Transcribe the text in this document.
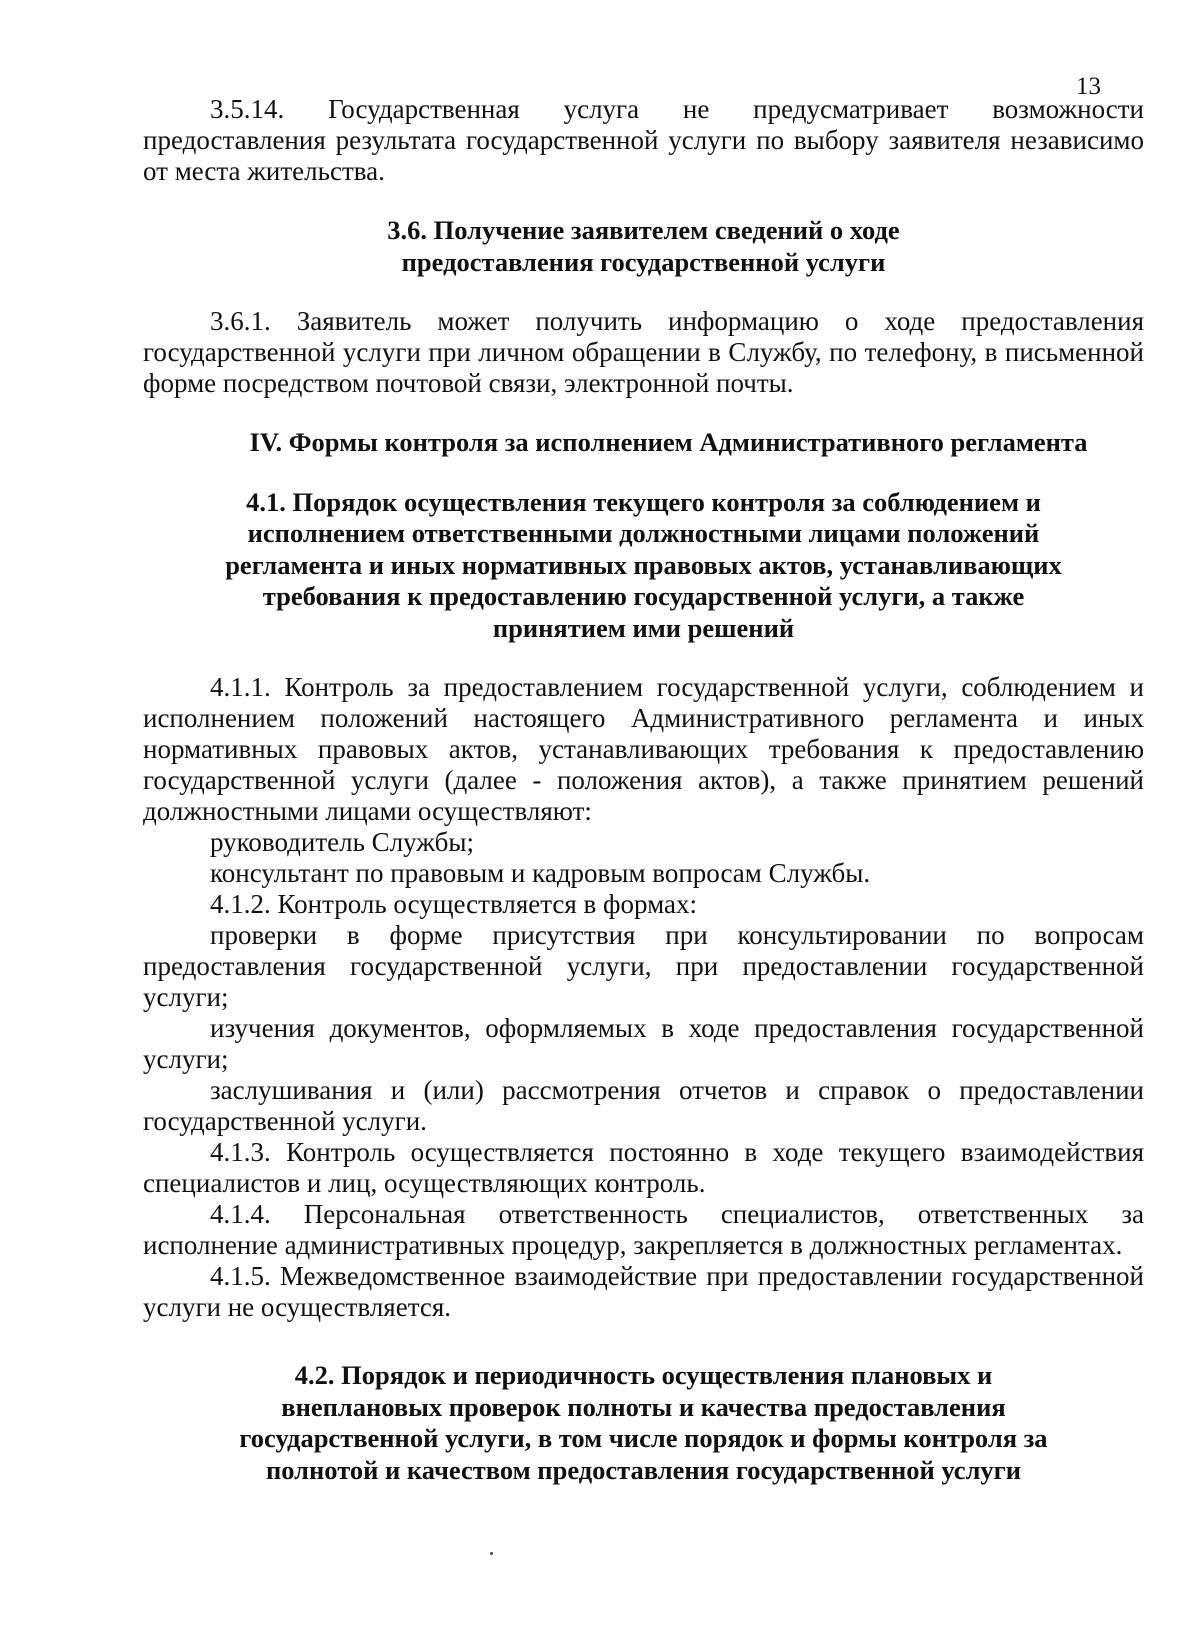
13

3.5.14. Государственная услуга не предусматривает возможности предоставления результата государственной услуги по выбору заявителя независимо от места жительства.

3.6. Получение заявителем сведений о ходе предоставления государственной услуги

3.6.1. Заявитель может получить информацию о ходе предоставления государственной услуги при личном обращении в Службу, по телефону, в письменной форме посредством почтовой связи, электронной почты.

IV. Формы контроля за исполнением Административного регламента
4.1. Порядок осуществления текущего контроля за соблюдением и исполнением ответственными должностными лицами положений регламента и иных нормативных правовых актов, устанавливающих требования к предоставлению государственной услуги, а также принятием ими решений

4.1.1. Контроль за предоставлением государственной услуги, соблюдением и исполнением положений настоящего Административного регламента и иных нормативных правовых актов, устанавливающих требования к предоставлению государственной услуги (далее - положения актов), а также принятием решений должностными лицами осуществляют:

руководитель Службы;

консультант по правовым и кадровым вопросам Службы.

4.1.2. Контроль осуществляется в формах:

проверки в форме присутствия при консультировании по вопросам предоставления государственной услуги, при предоставлении государственной услуги;

изучения документов, оформляемых в ходе предоставления государственной услуги;

заслушивания и (или) рассмотрения отчетов и справок о предоставлении государственной услуги.

4.1.3. Контроль осуществляется постоянно в ходе текущего взаимодействия специалистов и лиц, осуществляющих контроль.

4.1.4. Персональная ответственность специалистов, ответственных за исполнение административных процедур, закрепляется в должностных регламентах.

4.1.5. Межведомственное взаимодействие при предоставлении государственной услуги не осуществляется.

4.2. Порядок и периодичность осуществления плановых и внеплановых проверок полноты и качества предоставления государственной услуги, в том числе порядок и формы контроля за полнотой и качеством предоставления государственной услуги
